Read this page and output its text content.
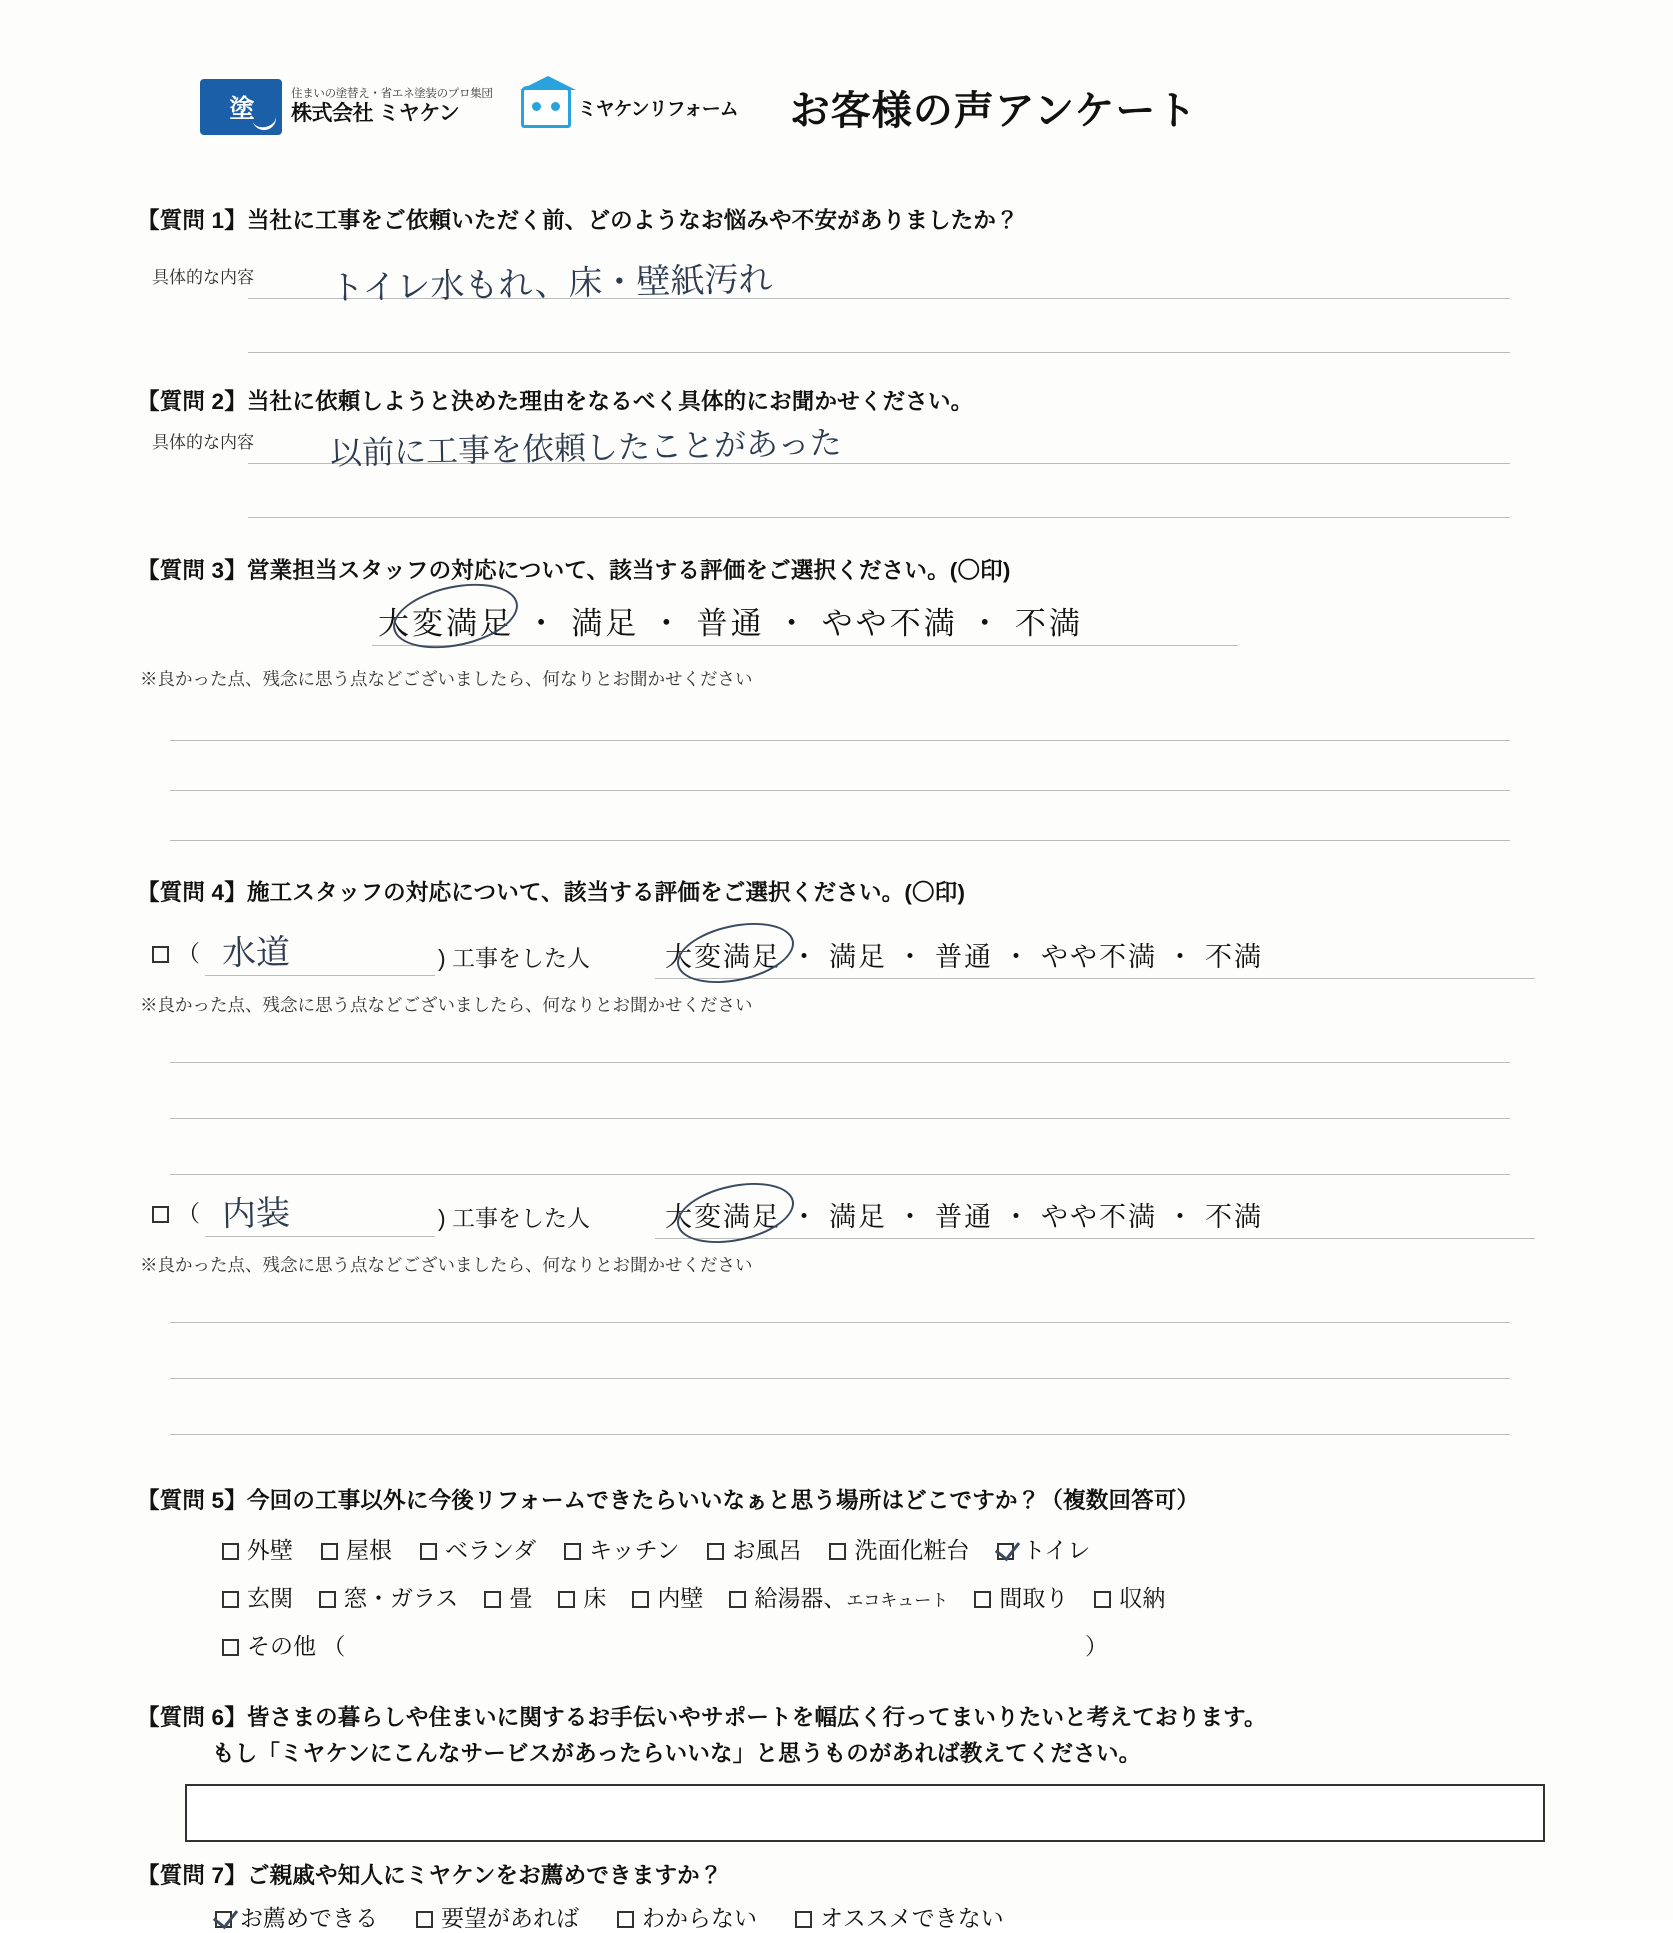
塗
住まいの塗替え・省エネ塗装のプロ集団
株式会社 ミヤケン	ミヤケンリフォーム お客様の声アンケート
【質問 1】当社に工事をご依頼いただく前、どのようなお悩みや不安がありましたか？
具体的な内容 トイレ水もれ、床・壁紙汚れ
【質問 2】当社に依頼しようと決めた理由をなるべく具体的にお聞かせください。
具体的な内容 以前に工事を依頼したことがあった
【質問 3】営業担当スタッフの対応について、該当する評価をご選択ください。(〇印)
大変満足 ・ 満足 ・ 普通 ・ やや不満 ・ 不満
※良かった点、残念に思う点などございましたら、何なりとお聞かせください
【質問 4】施工スタッフの対応について、該当する評価をご選択ください。(〇印)
（ 水道	) 工事をした人	大変満足 ・ 満足 ・ 普通 ・ やや不満 ・ 不満
※良かった点、残念に思う点などございましたら、何なりとお聞かせください
（ 内装	) 工事をした人	大変満足 ・ 満足 ・ 普通 ・ やや不満 ・ 不満
※良かった点、残念に思う点などございましたら、何なりとお聞かせください
【質問 5】今回の工事以外に今後リフォームできたらいいなぁと思う場所はどこですか？（複数回答可）
外壁	屋根	ベランダ	キッチン	お風呂	洗面化粧台	トイレ
玄関	窓・ガラス	畳	床	内壁	給湯器、エコキュート	間取り	収納
その他 （	）
【質問 6】皆さまの暮らしや住まいに関するお手伝いやサポートを幅広く行ってまいりたいと考えております。
もし「ミヤケンにこんなサービスがあったらいいな」と思うものがあれば教えてください。
【質問 7】ご親戚や知人にミヤケンをお薦めできますか？
お薦めできる	要望があれば	わからない	オススメできない
